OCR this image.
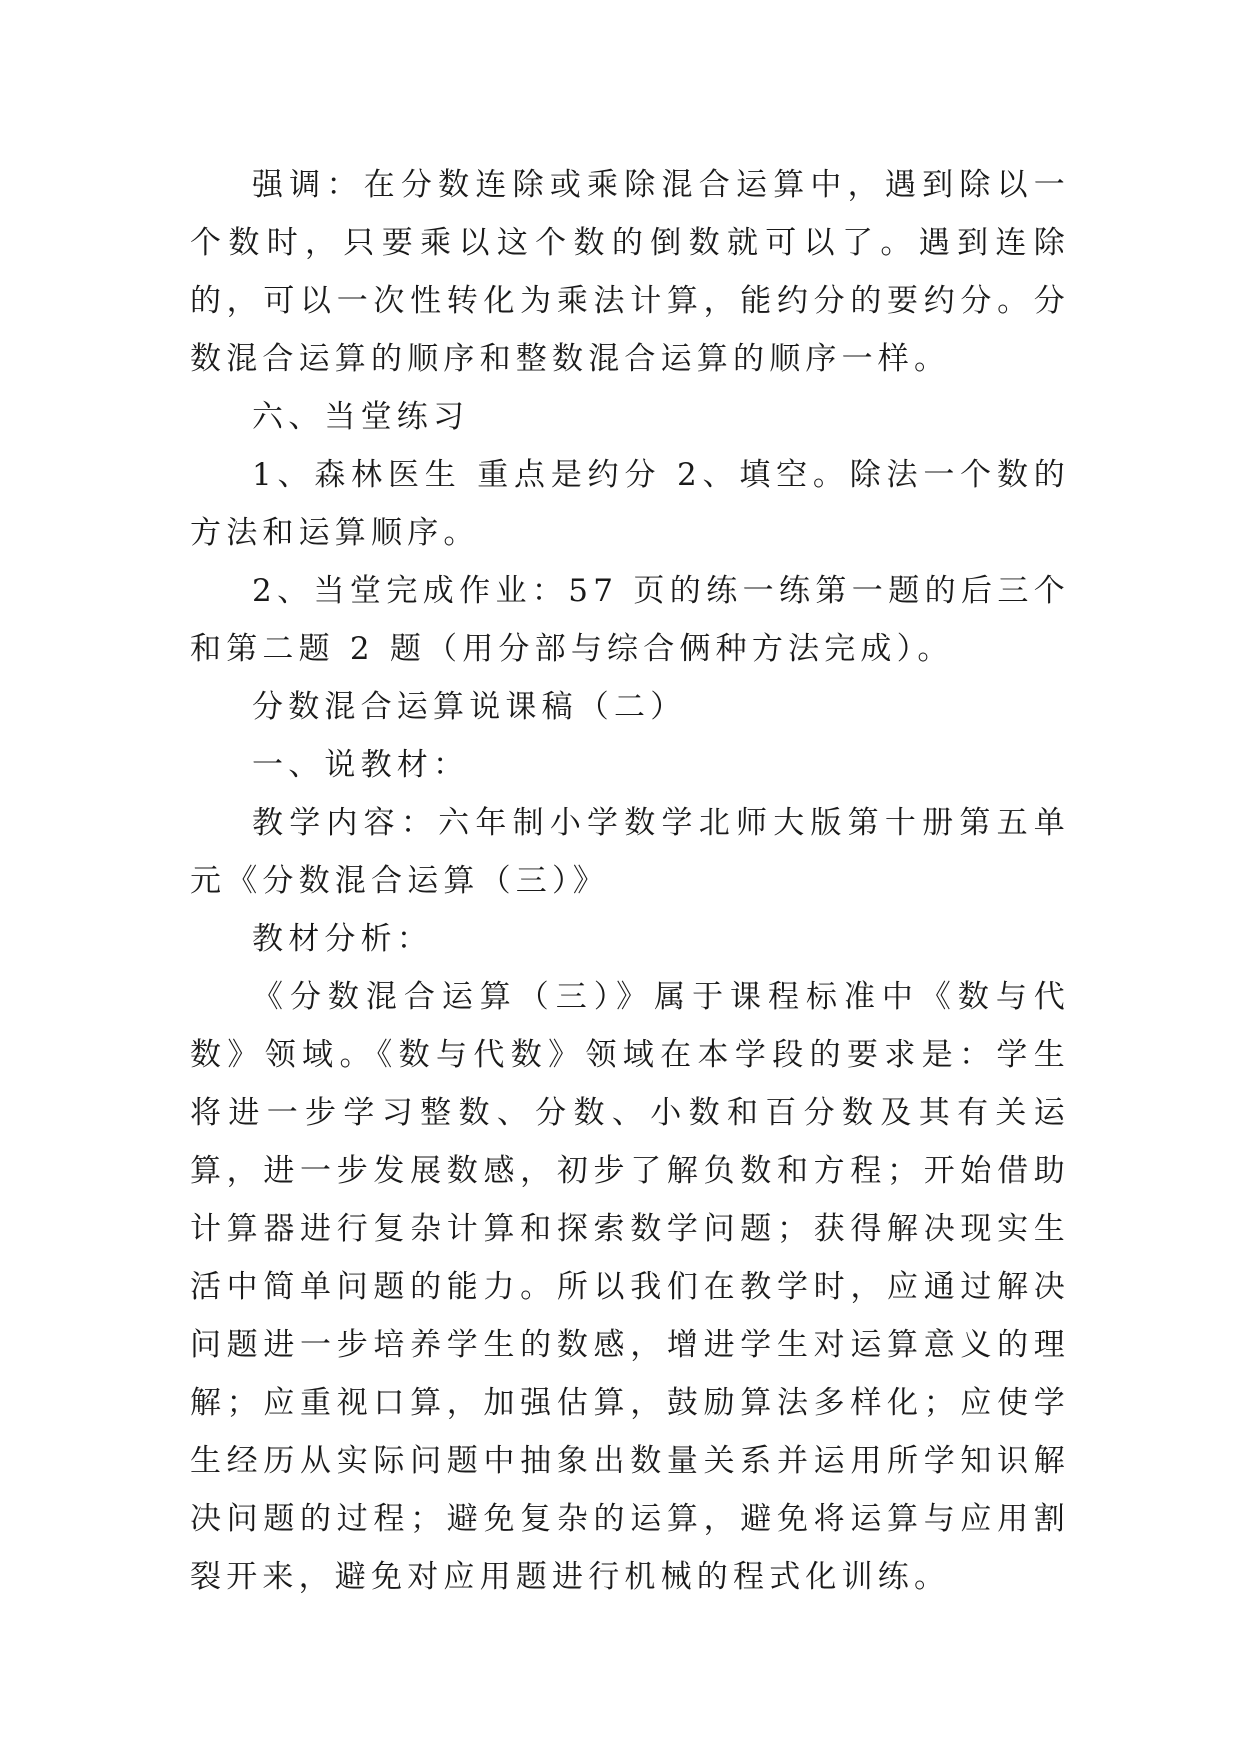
强调：在分数连除或乘除混合运算中，遇到除以一个数时，只要乘以这个数的倒数就可以了。遇到连除的，可以一次性转化为乘法计算，能约分的要约分。分数混合运算的顺序和整数混合运算的顺序一样。

六、当堂练习

1、森林医生 重点是约分 2、填空。除法一个数的方法和运算顺序。

2、当堂完成作业：57 页的练一练第一题的后三个和第二题 2 题（用分部与综合俩种方法完成）。

分数混合运算说课稿（二）

一、说教材：

教学内容：六年制小学数学北师大版第十册第五单元《分数混合运算（三）》

教材分析：

《分数混合运算（三）》属于课程标准中《数与代数》领域。《数与代数》领域在本学段的要求是：学生将进一步学习整数、分数、小数和百分数及其有关运算，进一步发展数感，初步了解负数和方程；开始借助计算器进行复杂计算和探索数学问题；获得解决现实生活中简单问题的能力。所以我们在教学时，应通过解决问题进一步培养学生的数感，增进学生对运算意义的理解；应重视口算，加强估算，鼓励算法多样化；应使学生经历从实际问题中抽象出数量关系并运用所学知识解决问题的过程；避免复杂的运算，避免将运算与应用割裂开来，避免对应用题进行机械的程式化训练。
